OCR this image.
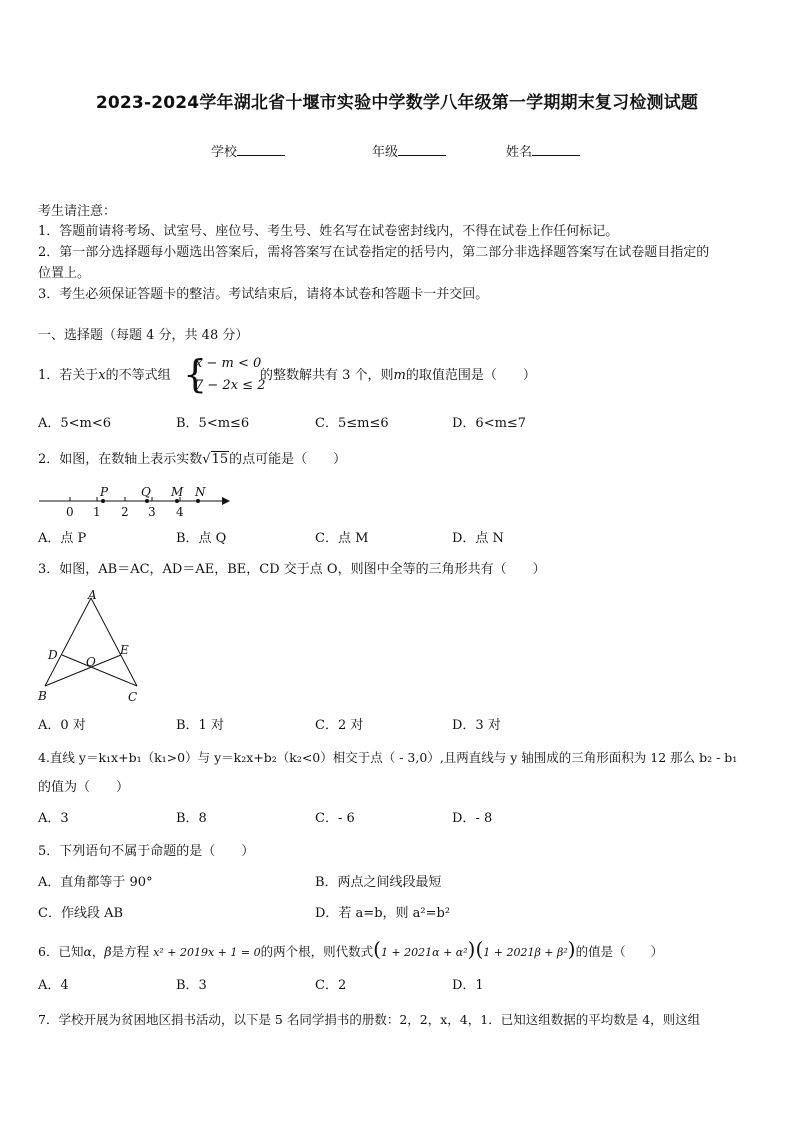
2023-2024学年湖北省十堰市实验中学数学八年级第一学期期末复习检测试题
学校	年级	姓名
考生请注意：
1．答题前请将考场、试室号、座位号、考生号、姓名写在试卷密封线内，不得在试卷上作任何标记。
2．第一部分选择题每小题选出答案后，需将答案写在试卷指定的括号内，第二部分非选择题答案写在试卷题目指定的
位置上。
3．考生必须保证答题卡的整洁。考试结束后，请将本试卷和答题卡一并交回。
一、选择题（每题 4 分，共 48 分）
1．若关于x的不等式组 {
x − m < 0
7 − 2x ≤ 2
的整数解共有 3 个，则m的取值范围是（　　）
A．5<m<6	B．5<m≤6	C．5≤m≤6	D．6<m≤7
2．如图，在数轴上表示实数√15的点可能是（　　）
0 1 2 3 4
P	Q M N
A．点 P	B．点 Q	C．点 M	D．点 N
3．如图，AB＝AC，AD＝AE，BE，CD 交于点 O，则图中全等的三角形共有（　　）
A
D	E
O
B	C
A．0 对	B．1 对	C．2 对	D．3 对
4.直线 y＝k₁x+b₁（k₁>0）与 y＝k₂x+b₂（k₂<0）相交于点（ - 3,0）,且两直线与 y 轴围成的三角形面积为 12 那么 b₂ - b₁
的值为（　　）
A．3	B．8	C．- 6	D．- 8
5．下列语句不属于命题的是（　　）
A．直角都等于 90°	B．两点之间线段最短
C．作线段 AB	D．若 a=b，则 a²=b²
6．已知α，β是方程 x² + 2019x + 1 = 0的两个根，则代数式(1 + 2021α + α²)(1 + 2021β + β²)的值是（　　）
A．4	B．3	C．2	D．1
7．学校开展为贫困地区捐书活动，以下是 5 名同学捐书的册数：2，2，x，4，1．已知这组数据的平均数是 4，则这组
